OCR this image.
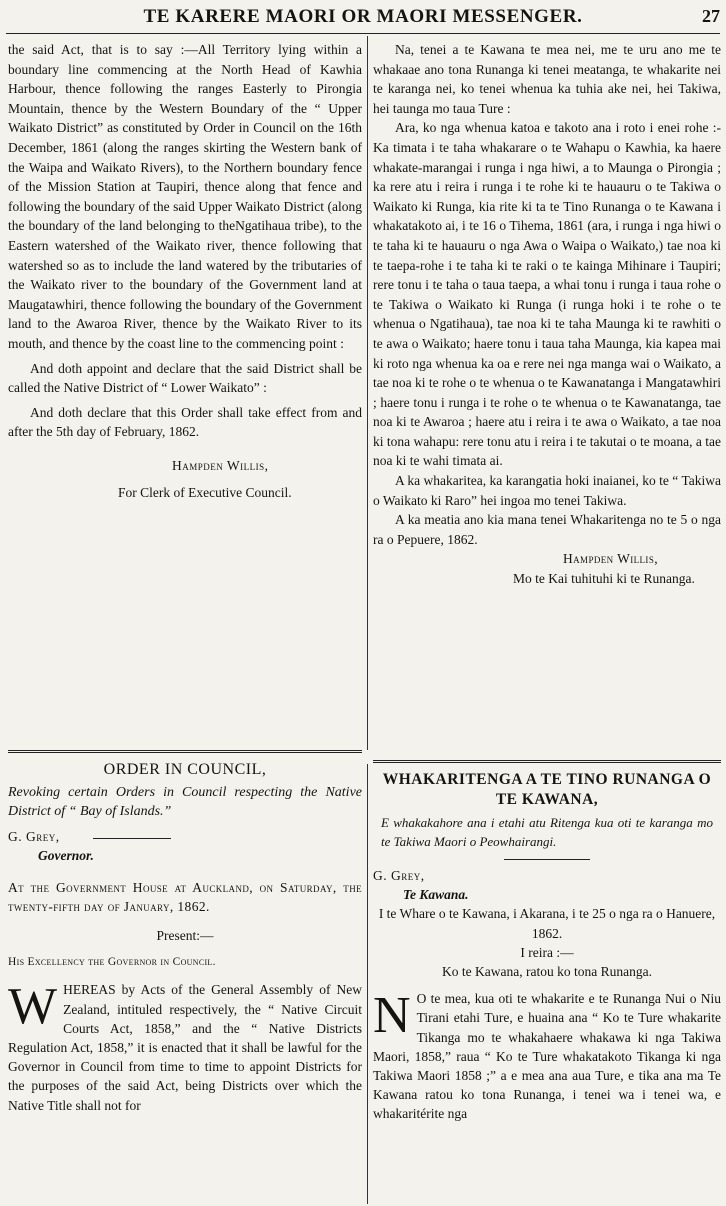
TE KARERE MAORI OR MAORI MESSENGER.	27

the said Act, that is to say :—All Territory lying within a boundary line commencing at the North Head of Kawhia Harbour, thence following the ranges Easterly to Pirongia Mountain, thence by the Western Boundary of the “ Upper Waikato District” as constituted by Order in Council on the 16th December, 1861 (along the ranges skirting the Western bank of the Waipa and Waikato Rivers), to the Northern boundary fence of the Mission Station at Taupiri, thence along that fence and following the boundary of the said Upper Waikato District (along the boundary of the land belonging to theNgatihaua tribe), to the Eastern watershed of the Waikato river, thence following that watershed so as to include the land watered by the tributaries of the Waikato river to the boundary of the Government land at Maugatawhiri, thence following the boundary of the Government land to the Awaroa River, thence by the Waikato River to its mouth, and thence by the coast line to the commencing point :

And doth appoint and declare that the said District shall be called the Native District of “ Lower Waikato” :

And doth declare that this Order shall take effect from and after the 5th day of February, 1862.

Hampden Willis,
For Clerk of Executive Council.

Na, tenei a te Kawana te mea nei, me te uru ano me te whakaae ano tona Runanga ki tenei meatanga, te whakarite nei te karanga nei, ko tenei whenua ka tuhia ake nei, hei Takiwa, hei taunga mo taua Ture :

Ara, ko nga whenua katoa e takoto ana i roto i enei rohe :- Ka timata i te taha whakarare o te Wahapu o Kawhia, ka haere whakate-marangai i runga i nga hiwi, a to Maunga o Pirongia ; ka rere atu i reira i runga i te rohe ki te hauauru o te Takiwa o Waikato ki Runga, kia rite ki ta te Tino Runanga o te Kawana i whakatakoto ai, i te 16 o Tihema, 1861 (ara, i runga i nga hiwi o te taha ki te hauauru o nga Awa o Waipa o Waikato,) tae noa ki te taepa-rohe i te taha ki te raki o te kainga Mihinare i Taupiri; rere tonu i te taha o taua taepa, a whai tonu i runga i taua rohe o te Takiwa o Waikato ki Runga (i runga hoki i te rohe o te whenua o Ngatihaua), tae noa ki te taha Maunga ki te rawhiti o te awa o Waikato; haere tonu i taua taha Maunga, kia kapea mai ki roto nga whenua ka oa e rere nei nga manga wai o Waikato, a tae noa ki te rohe o te whenua o te Kawanatanga i Mangatawhiri ; haere tonu i runga i te rohe o te whenua o te Kawanatanga, tae noa ki te Awaroa ; haere atu i reira i te awa o Waikato, a tae noa ki tona wahapu: rere tonu atu i reira i te takutai o te moana, a tae noa ki te wahi timata ai.

A ka whakaritea, ka karangatia hoki inaianei, ko te “ Takiwa o Waikato ki Raro” hei ingoa mo tenei Takiwa.

A ka meatia ano kia mana tenei Whakaritenga no te 5 o nga ra o Pepuere, 1862.

Hampden Willis,
Mo te Kai tuhituhi ki te Runanga.
ORDER IN COUNCIL,

Revoking certain Orders in Council respecting the Native District of “ Bay of Islands.”

G. Grey,
Governor.

At the Government House at Auckland, on Saturday, the twenty-fifth day of January, 1862.

Present:—
His Excellency the Governor in Council.
W HEREAS by Acts of the General Assembly of New Zealand, intituled respectively, the “ Native Circuit Courts Act, 1858,” and the “ Native Districts Regulation Act, 1858,” it is enacted that it shall be lawful for the Governor in Council from time to time to appoint Districts for the purposes of the said Act, being Districts over which the Native Title shall not for

WHAKARITENGA A TE TINO RUNANGA O TE KAWANA,

E whakakahore ana i etahi atu Ritenga kua oti te karanga mo te Takiwa Maori o Peowhairangi.

G. Grey,
Te Kawana.

I te Whare o te Kawana, i Akarana, i te 25 o nga ra o Hanuere, 1862.

I reira :—
Ko te Kawana, ratou ko tona Runanga.
N O te mea, kua oti te whakarite e te Runanga Nui o Niu Tirani etahi Ture, e huaina ana “ Ko te Ture whakarite Tikanga mo te whakahaere whakawa ki nga Takiwa Maori, 1858,” raua “ Ko te Ture whakatakoto Tikanga ki nga Takiwa Maori 1858 ;” a e mea ana aua Ture, e tika ana ma Te Kawana ratou ko tona Runanga, i tenei wa i tenei wa, e whakaritérite nga
